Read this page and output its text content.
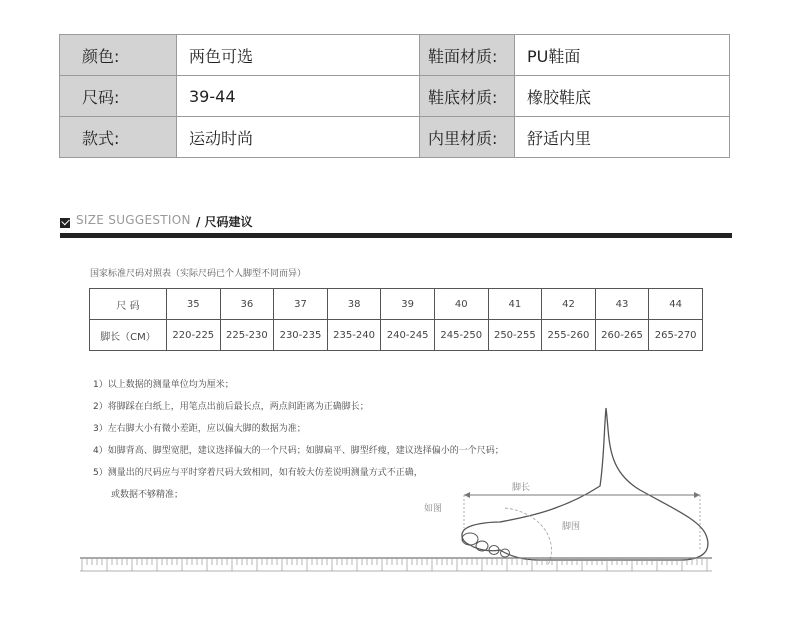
颜色:	两色可选	鞋面材质:	PU鞋面
尺码:	39-44	鞋底材质:	橡胶鞋底
款式:	运动时尚	内里材质:	舒适内里
SIZE SUGGESTION / 尺码建议
国家标准尺码对照表（实际尺码已个人脚型不同而异）
尺 码	35	36	37	38	39	40	41	42	43	44
脚长（CM）	220-225	225-230	230-235	235-240	240-245	245-250	250-255	255-260	260-265	265-270
1）以上数据的测量单位均为厘米；
2）将脚踩在白纸上，用笔点出前后最长点，两点间距离为正确脚长；
3）左右脚大小有微小差距，应以偏大脚的数据为准；
4）如脚背高、脚型宽肥，建议选择偏大的一个尺码；如脚扁平、脚型纤瘦，建议选择偏小的一个尺码；
5）测量出的尺码应与平时穿着尺码大致相同，如有较大仿差说明测量方式不正确，
或数据不够精准；
脚长
如图
脚围
